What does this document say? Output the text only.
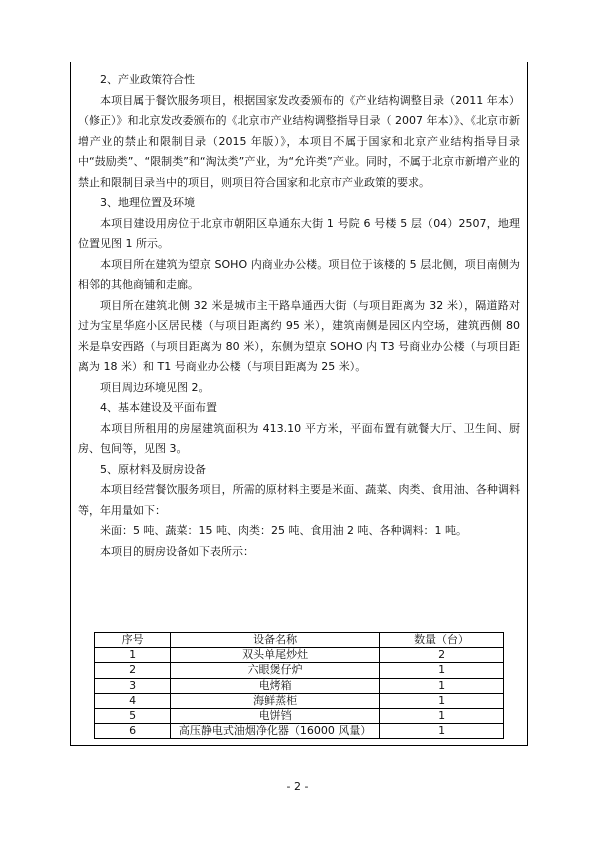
2、产业政策符合性

本项目属于餐饮服务项目，根据国家发改委颁布的《产业结构调整目录（2011 年本）（修正）》和北京发改委颁布的《北京市产业结构调整指导目录（ 2007 年本）》、《北京市新增产业的禁止和限制目录（2015 年版）》，本项目不属于国家和北京产业结构指导目录中“鼓励类”、“限制类”和“淘汰类”产业，为“允许类”产业。同时，不属于北京市新增产业的禁止和限制目录当中的项目，则项目符合国家和北京市产业政策的要求。

3、地理位置及环境

本项目建设用房位于北京市朝阳区阜通东大街 1 号院 6 号楼 5 层（04）2507，地理位置见图 1 所示。

本项目所在建筑为望京 SOHO 内商业办公楼。项目位于该楼的 5 层北侧，项目南侧为相邻的其他商铺和走廊。

项目所在建筑北侧 32 米是城市主干路阜通西大街（与项目距离为 32 米），隔道路对过为宝星华庭小区居民楼（与项目距离约 95 米），建筑南侧是园区内空场，建筑西侧 80 米是阜安西路（与项目距离为 80 米），东侧为望京 SOHO 内 T3 号商业办公楼（与项目距离为 18 米）和 T1 号商业办公楼（与项目距离为 25 米）。

项目周边环境见图 2。

4、基本建设及平面布置

本项目所租用的房屋建筑面积为 413.10 平方米，平面布置有就餐大厅、卫生间、厨房、包间等，见图 3。

5、原材料及厨房设备

本项目经营餐饮服务项目，所需的原材料主要是米面、蔬菜、肉类、食用油、各种调料等，年用量如下：

米面：5 吨、蔬菜：15 吨、肉类：25 吨、食用油 2 吨、各种调料：1 吨。

本项目的厨房设备如下表所示：

序号	设备名称	数量（台）
1	双头单尾炒灶	2
2	六眼煲仔炉	1
3	电烤箱	1
4	海鲜蒸柜	1
5	电饼铛	1
6	高压静电式油烟净化器（16000 风量）	1
- 2 -
